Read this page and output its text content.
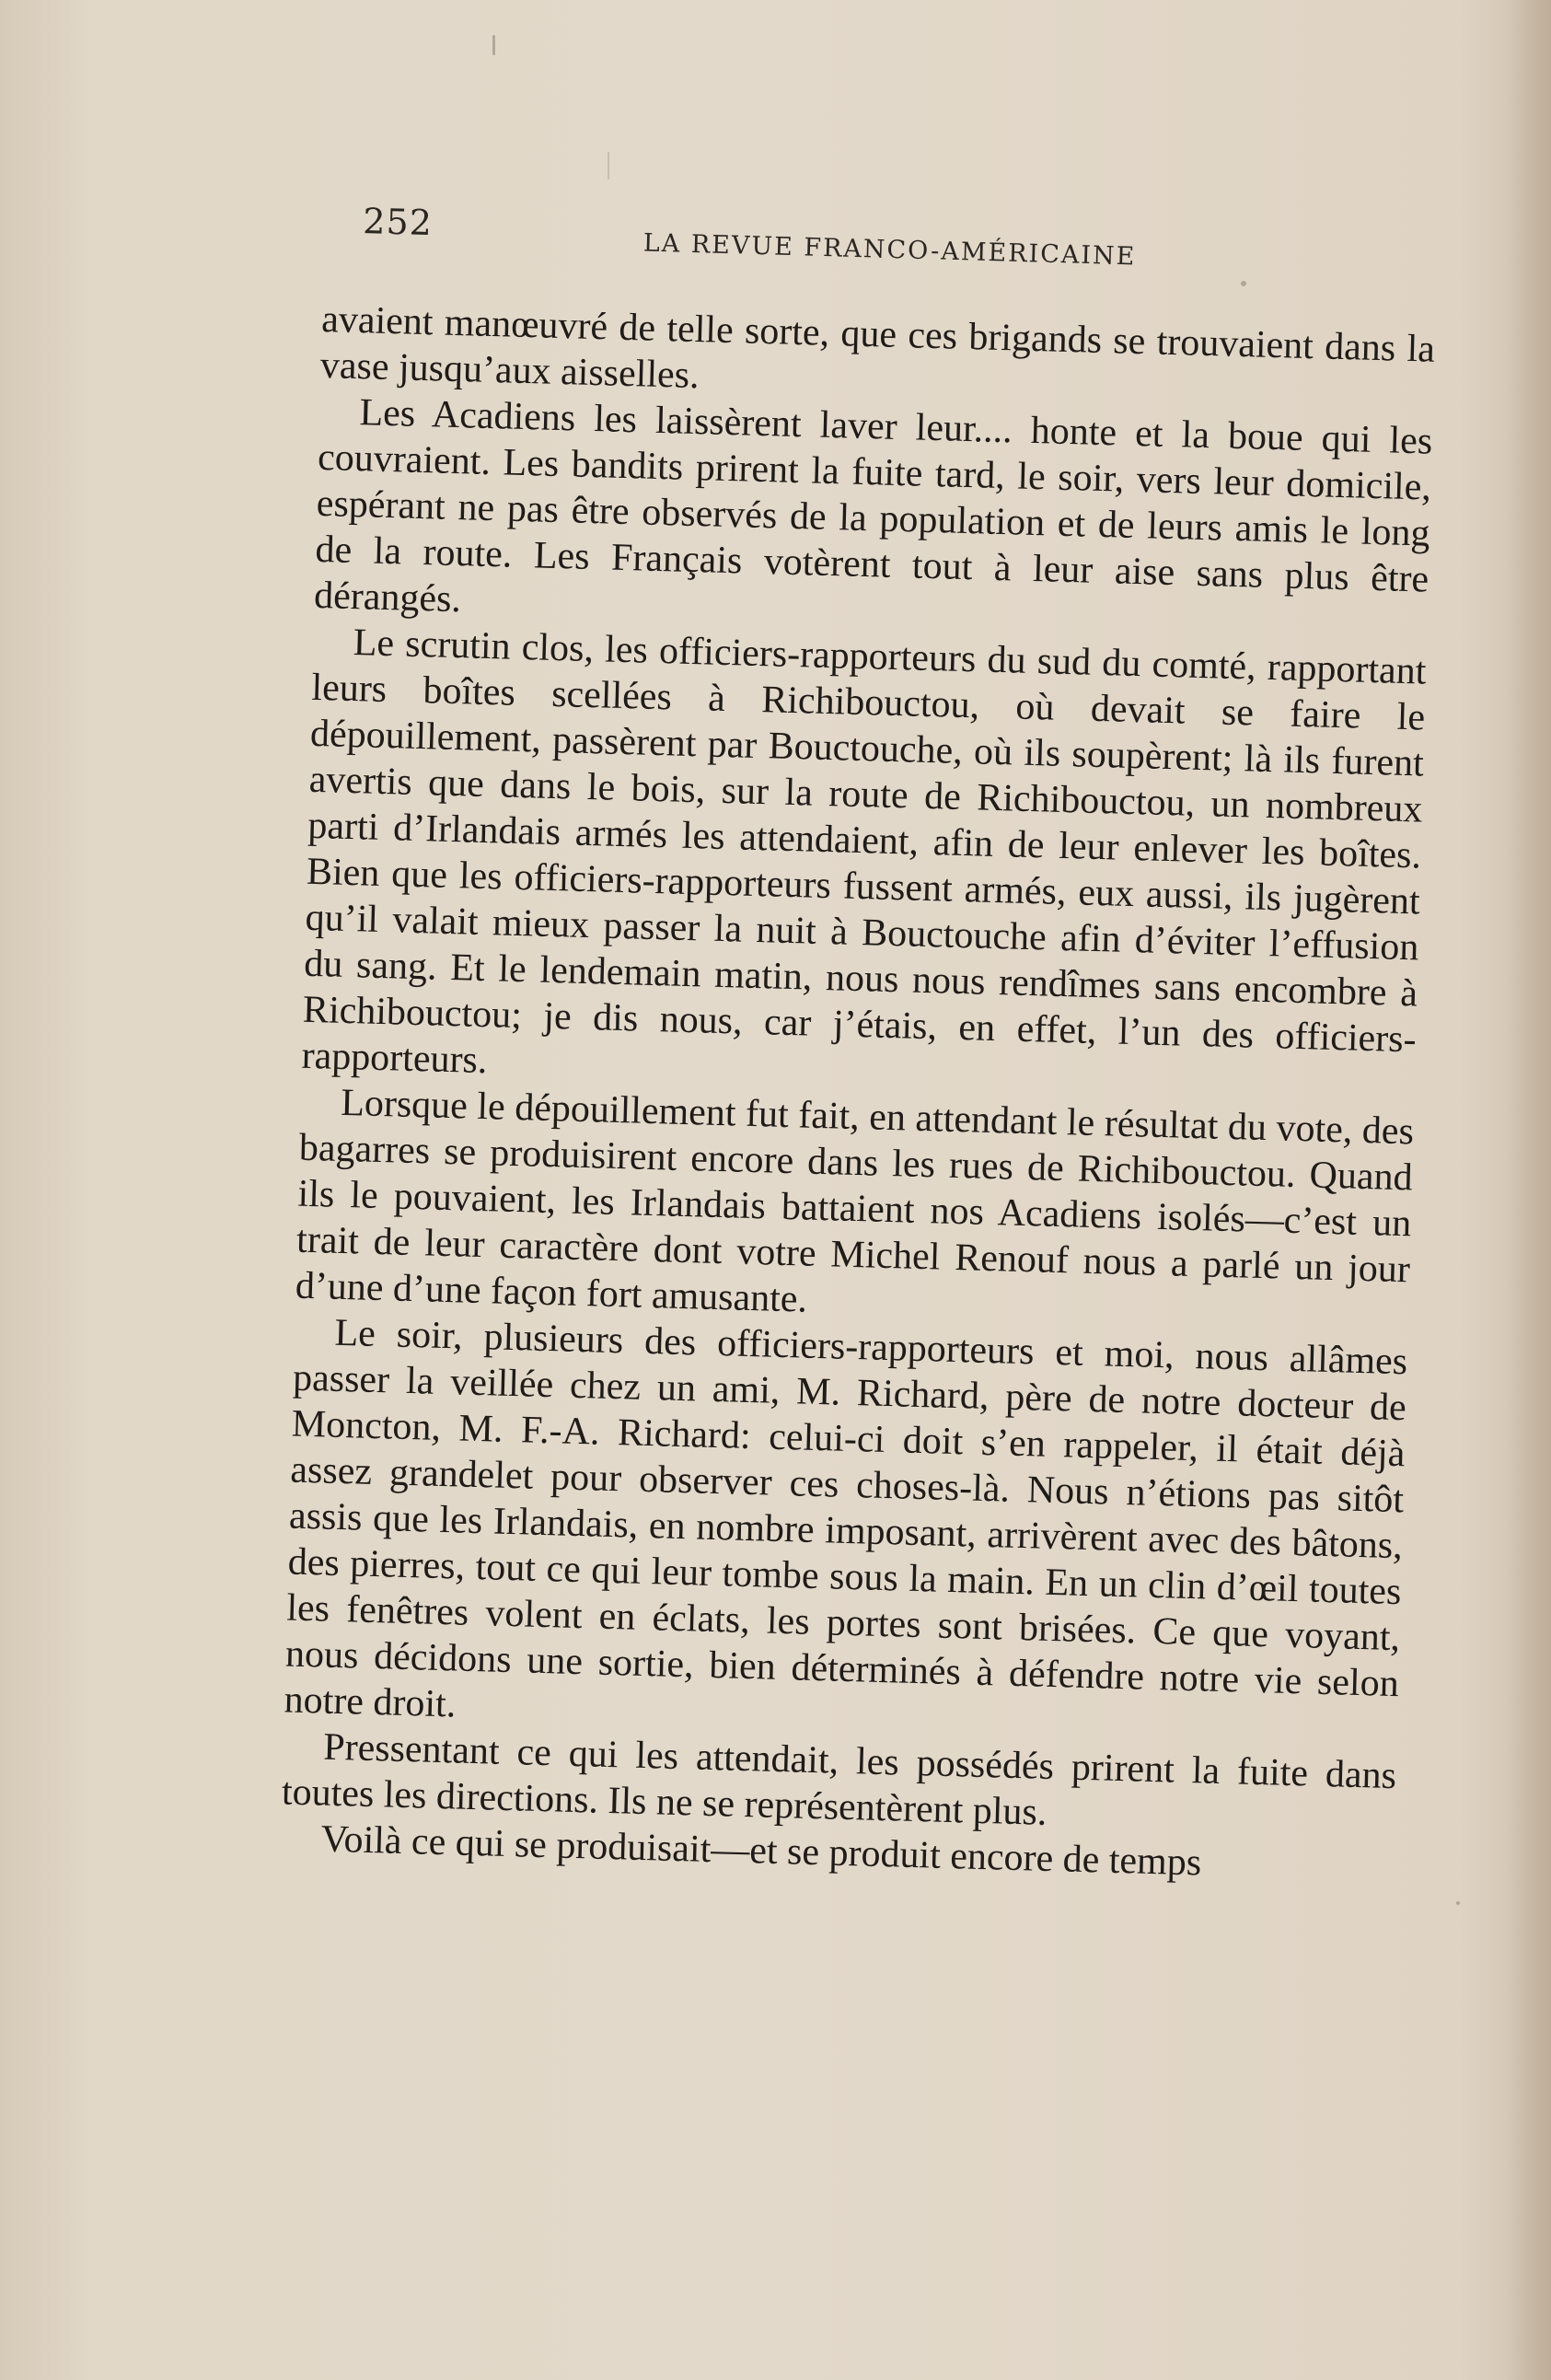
252
LA REVUE FRANCO-AMÉRICAINE

avaient manœuvré de telle sorte, que ces brigands se trouvaient dans la vase jusqu’aux aisselles.

Les Acadiens les laissèrent laver leur.... honte et la boue qui les couvraient. Les bandits prirent la fuite tard, le soir, vers leur domicile, espérant ne pas être observés de la population et de leurs amis le long de la route. Les Français votèrent tout à leur aise sans plus être dérangés.

Le scrutin clos, les officiers-rapporteurs du sud du comté, rapportant leurs boîtes scellées à Richibouctou, où devait se faire le dépouillement, passèrent par Bouctouche, où ils soupèrent; là ils furent avertis que dans le bois, sur la route de Richibouctou, un nombreux parti d’Irlandais armés les attendaient, afin de leur enlever les boîtes. Bien que les officiers-rapporteurs fussent armés, eux aussi, ils jugèrent qu’il valait mieux passer la nuit à Bouctouche afin d’éviter l’effusion du sang. Et le lendemain matin, nous nous rendîmes sans encombre à Richibouctou; je dis nous, car j’étais, en effet, l’un des officiers-rapporteurs.

Lorsque le dépouillement fut fait, en attendant le résultat du vote, des bagarres se produisirent encore dans les rues de Richibouctou. Quand ils le pouvaient, les Irlandais battaient nos Acadiens isolés—c’est un trait de leur caractère dont votre Michel Renouf nous a parlé un jour d’une d’une façon fort amusante.

Le soir, plusieurs des officiers-rapporteurs et moi, nous allâmes passer la veillée chez un ami, M. Richard, père de notre docteur de Moncton, M. F.-A. Richard: celui-ci doit s’en rappeler, il était déjà assez grandelet pour observer ces choses-là. Nous n’étions pas sitôt assis que les Irlandais, en nombre imposant, arrivèrent avec des bâtons, des pierres, tout ce qui leur tombe sous la main. En un clin d’œil toutes les fenêtres volent en éclats, les portes sont brisées. Ce que voyant, nous décidons une sortie, bien déterminés à défendre notre vie selon notre droit.

Pressentant ce qui les attendait, les possédés prirent la fuite dans toutes les directions. Ils ne se représentèrent plus.

Voilà ce qui se produisait—et se produit encore de temps
